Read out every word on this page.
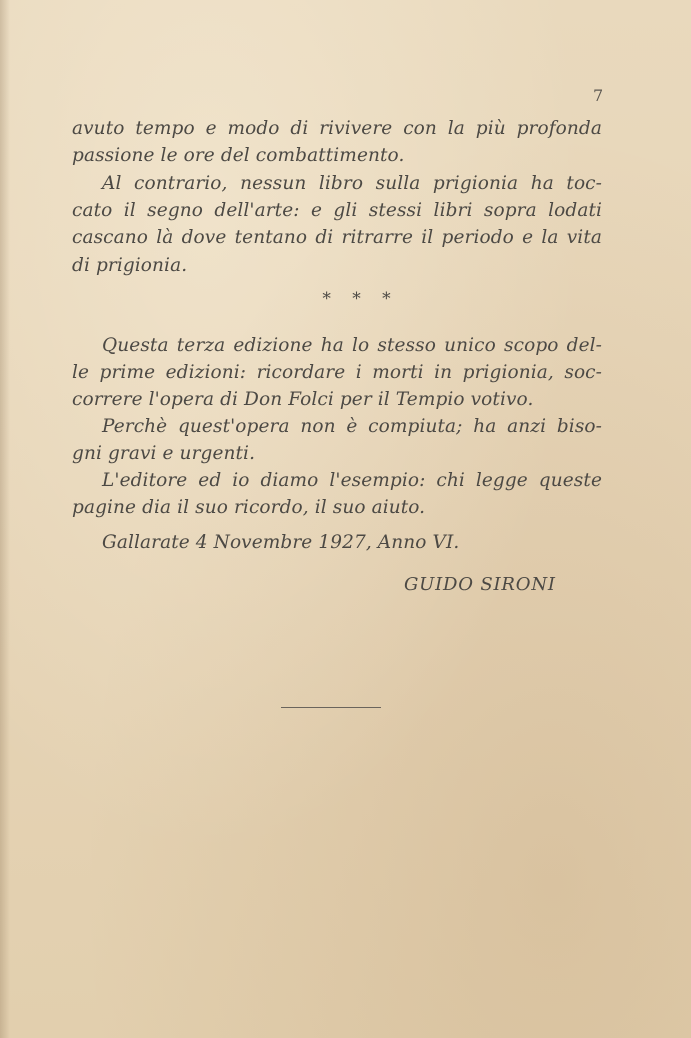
7
avuto tempo e modo di rivivere con la più profonda
passione le ore del combattimento.
Al contrario, nessun libro sulla prigionia ha toc-
cato il segno dell'arte: e gli stessi libri sopra lodati
cascano là dove tentano di ritrarre il periodo e la vita
di prigionia.
* * *
Questa terza edizione ha lo stesso unico scopo del-
le prime edizioni: ricordare i morti in prigionia, soc-
correre l'opera di Don Folci per il Tempio votivo.
Perchè quest'opera non è compiuta; ha anzi biso-
gni gravi e urgenti.
L'editore ed io diamo l'esempio: chi legge queste
pagine dia il suo ricordo, il suo aiuto.
Gallarate 4 Novembre 1927, Anno VI.
GUIDO SIRONI
